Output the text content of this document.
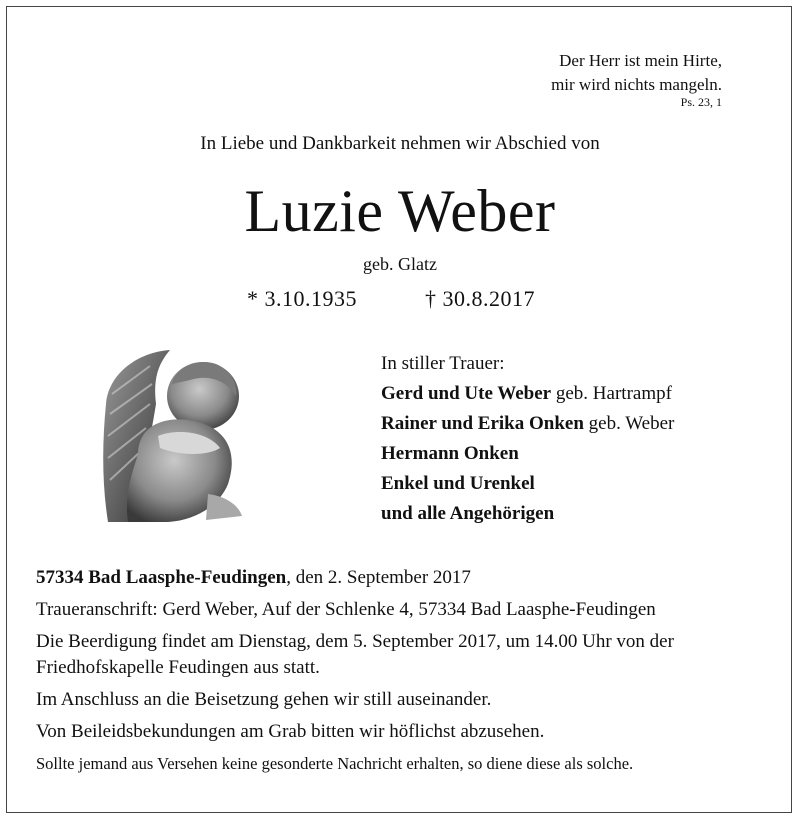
Der Herr ist mein Hirte,
mir wird nichts mangeln.
Ps. 23, 1
In Liebe und Dankbarkeit nehmen wir Abschied von
Luzie Weber
geb. Glatz
* 3.10.1935	† 30.8.2017
In stiller Trauer:
Gerd und Ute Weber geb. Hartrampf
Rainer und Erika Onken geb. Weber
Hermann Onken
Enkel und Urenkel
und alle Angehörigen

57334 Bad Laasphe-Feudingen, den 2. September 2017

Traueranschrift: Gerd Weber, Auf der Schlenke 4, 57334 Bad Laasphe-Feudingen

Die Beerdigung findet am Dienstag, dem 5. September 2017, um 14.00 Uhr von der Friedhofskapelle Feudingen aus statt.

Im Anschluss an die Beisetzung gehen wir still auseinander.

Von Beileidsbekundungen am Grab bitten wir höflichst abzusehen.

Sollte jemand aus Versehen keine gesonderte Nachricht erhalten, so diene diese als solche.
